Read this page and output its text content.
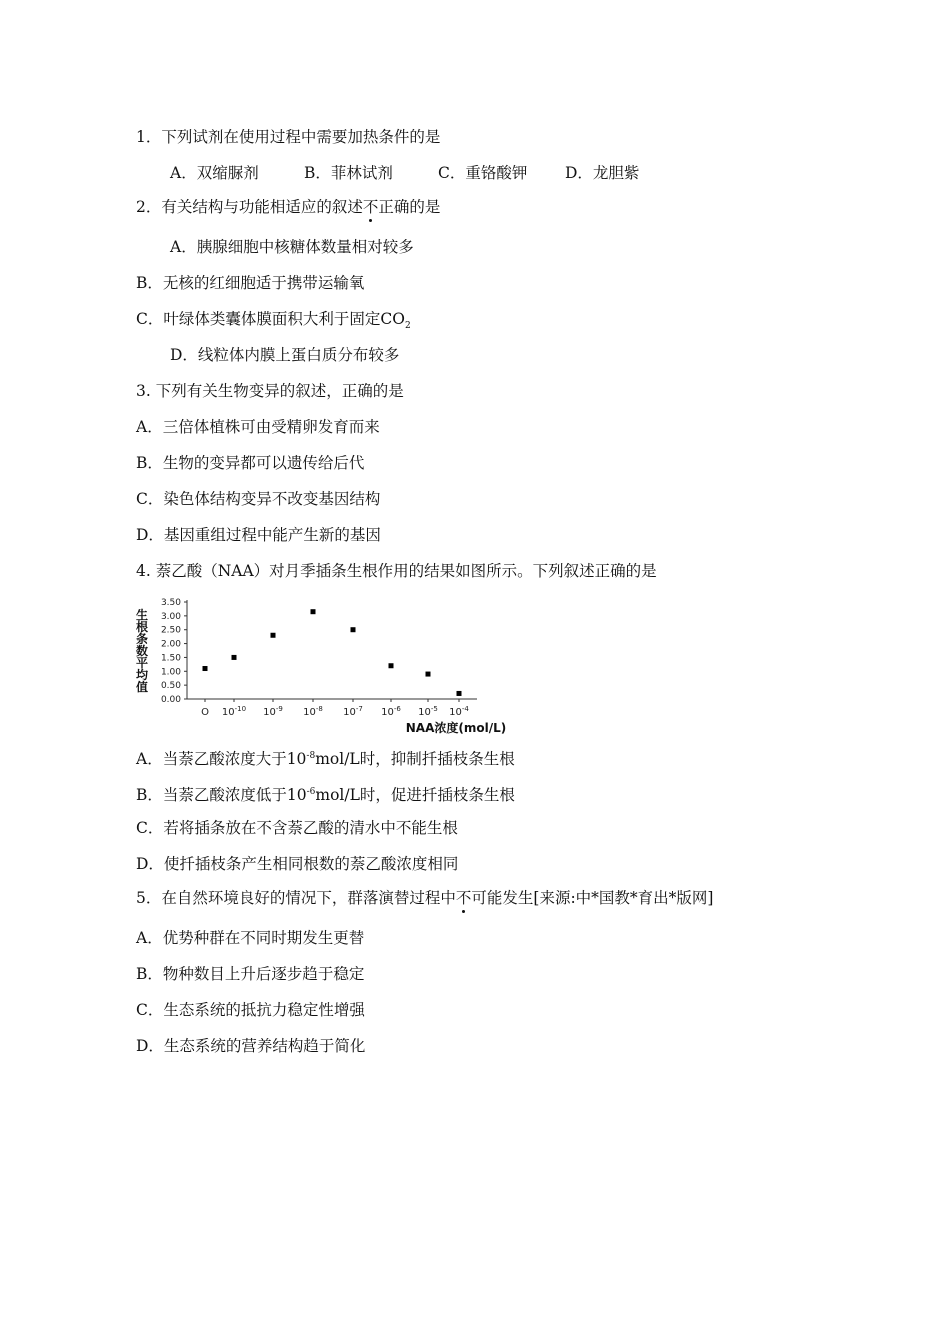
1．下列试剂在使用过程中需要加热条件的是
A．双缩脲剂	B．菲林试剂	C．重铬酸钾 D．龙胆紫
2．有关结构与功能相适应的叙述不正确的是
A．胰腺细胞中核糖体数量相对较多
B．无核的红细胞适于携带运输氧
C．叶绿体类囊体膜面积大利于固定$CO_2$
D．线粒体内膜上蛋白质分布较多
3. 下列有关生物变异的叙述，正确的是
A．三倍体植株可由受精卵发育而来
B．生物的变异都可以遗传给后代
C．染色体结构变异不改变基因结构
D．基因重组过程中能产生新的基因
4. 萘乙酸（NAA）对月季插条生根作用的结果如图所示。下列叙述正确的是
生
根
条
数
平
均
值
0.00
0.50
1.00
1.50
2.00
2.50
3.00
3.50
O $10^{-10}$ $10^{-9}$ $10^{-8}$ $10^{-7}$ $10^{-6}$ $10^{-5}$ $10^{-4}$
NAA浓度(mol/L)
A．当萘乙酸浓度大于$10^{-8}mol/L$时，抑制扦插枝条生根
B．当萘乙酸浓度低于$10^{-6}mol/L$时，促进扦插枝条生根
C．若将插条放在不含萘乙酸的清水中不能生根
D．使扦插枝条产生相同根数的萘乙酸浓度相同
5．在自然环境良好的情况下，群落演替过程中不可能发生[来源:中*国教*育出*版网]
A．优势种群在不同时期发生更替
B．物种数目上升后逐步趋于稳定
C．生态系统的抵抗力稳定性增强
D．生态系统的营养结构趋于简化
